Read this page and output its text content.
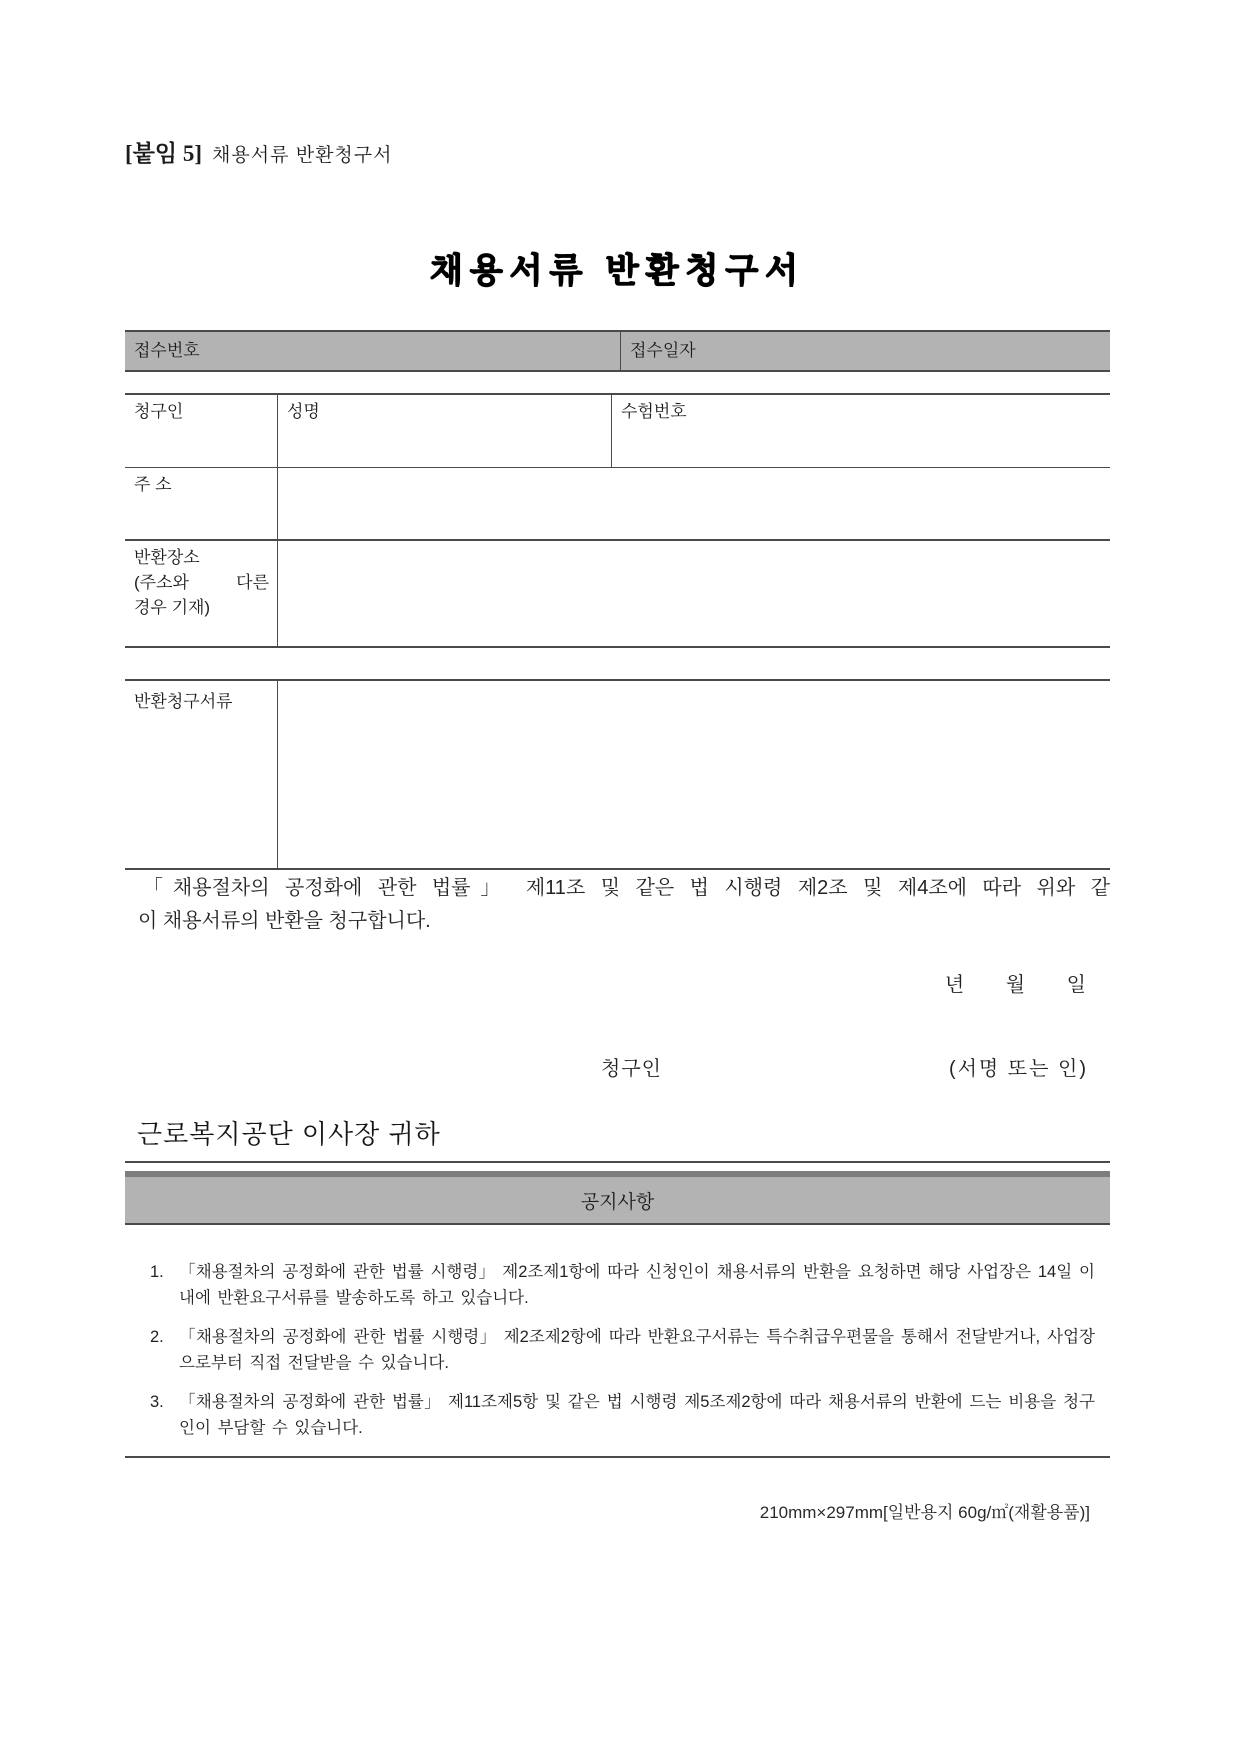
[붙임 5] 채용서류 반환청구서
채용서류 반환청구서
접수번호	접수일자
청구인	성명	수험번호
주 소
반환장소
(주소와 다른
경우 기재)
반환청구서류
「채용절차의 공정화에 관한 법률」 제11조 및 같은 법 시행령 제2조 및 제4조에 따라 위와 같
이 채용서류의 반환을 청구합니다.
년 월 일
청구인	(서명 또는 인)
근로복지공단 이사장 귀하
공지사항
1. 「채용절차의 공정화에 관한 법률 시행령」 제2조제1항에 따라 신청인이 채용서류의 반환을 요청하면 해당 사업장은 14일 이내에 반환요구서류를 발송하도록 하고 있습니다.
2. 「채용절차의 공정화에 관한 법률 시행령」 제2조제2항에 따라 반환요구서류는 특수취급우편물을 통해서 전달받거나, 사업장으로부터 직접 전달받을 수 있습니다.
3. 「채용절차의 공정화에 관한 법률」 제11조제5항 및 같은 법 시행령 제5조제2항에 따라 채용서류의 반환에 드는 비용을 청구인이 부담할 수 있습니다.
210mm×297mm[일반용지 60g/㎡(재활용품)]
